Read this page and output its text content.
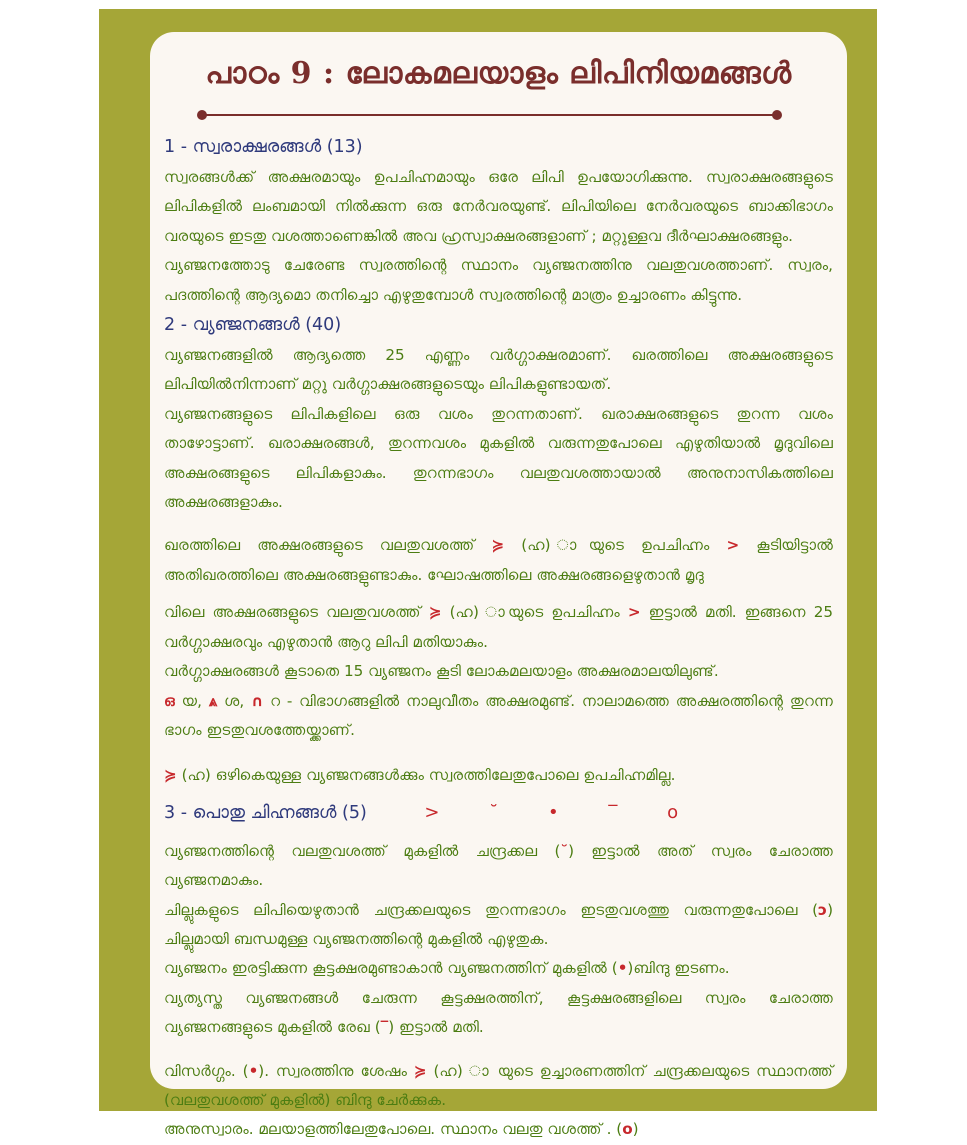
പാഠം 9 : ലോകമലയാളം ലിപിനിയമങ്ങൾ

1 - സ്വരാക്ഷരങ്ങൾ (13)

സ്വരങ്ങൾക്ക് അക്ഷരമായും ഉപചിഹ്നമായും ഒരേ ലിപി ഉപയോഗിക്കുന്നു. സ്വരാക്ഷരങ്ങളുടെ ലിപികളിൽ ലംബമായി നിൽക്കുന്ന ഒരു നേർവരയുണ്ട്. ലിപിയിലെ നേർവരയുടെ ബാക്കിഭാഗം വരയുടെ ഇടതു വശത്താണെങ്കിൽ അവ ഹ്രസ്വാക്ഷരങ്ങളാണ് ; മറ്റുള്ളവ ദീർഘാക്ഷരങ്ങളും.

വ്യഞ്ജനത്തോടു ചേരേണ്ട സ്വരത്തിന്റെ സ്ഥാനം വ്യഞ്ജനത്തിനു വലതുവശത്താണ്. സ്വരം, പദത്തിന്റെ ആദ്യമൊ തനിച്ചൊ എഴുതുമ്പോൾ സ്വരത്തിന്റെ മാത്രം ഉച്ചാരണം കിട്ടുന്നു.

2 - വ്യഞ്ജനങ്ങൾ (40)

വ്യഞ്ജനങ്ങളിൽ ആദ്യത്തെ 25 എണ്ണം വർഗ്ഗാക്ഷരമാണ്. ഖരത്തിലെ അക്ഷരങ്ങളുടെ ലിപിയിൽനിന്നാണ് മറ്റു വർഗ്ഗാക്ഷരങ്ങളുടെയും ലിപികളുണ്ടായത്.

വ്യഞ്ജനങ്ങളുടെ ലിപികളിലെ ഒരു വശം തുറന്നതാണ്. ഖരാക്ഷരങ്ങളുടെ തുറന്ന വശം താഴോട്ടാണ്. ഖരാക്ഷരങ്ങൾ, തുറന്നവശം മുകളിൽ വരുന്നതുപോലെ എഴുതിയാൽ മൃദുവിലെ അക്ഷരങ്ങളുടെ ലിപികളാകും. തുറന്നഭാഗം വലതുവശത്തായാൽ അനുനാസികത്തിലെ അക്ഷരങ്ങളാകും.

ഖരത്തിലെ അക്ഷരങ്ങളുടെ വലതുവശത്ത് ≽ (ഹ) ായുടെ ഉപചിഹ്നം > കൂടിയിട്ടാൽ അതിഖരത്തിലെ അക്ഷരങ്ങളുണ്ടാകും. ഘോഷത്തിലെ അക്ഷരങ്ങളെഴുതാൻ മൃദു

വിലെ അക്ഷരങ്ങളുടെ വലതുവശത്ത് ≽ (ഹ) ായുടെ ഉപചിഹ്നം > ഇട്ടാൽ മതി. ഇങ്ങനെ 25 വർഗ്ഗാക്ഷരവും എഴുതാൻ ആറു ലിപി മതിയാകും.

വർഗ്ഗാക്ഷരങ്ങൾ കൂടാതെ 15 വ്യഞ്ജനം കൂടി ലോകമലയാളം അക്ഷരമാലയിലുണ്ട്.

ഒ യ, ⩓ ശ, ∩ റ - വിഭാഗങ്ങളിൽ നാലുവീതം അക്ഷരമുണ്ട്. നാലാമത്തെ അക്ഷരത്തിന്റെ തുറന്ന ഭാഗം ഇടതുവശത്തേയ്ക്കാണ്.

≽ (ഹ) ഒഴികെയുള്ള വ്യഞ്ജനങ്ങൾക്കും സ്വരത്തിലേതുപോലെ ഉപചിഹ്നമില്ല.

3 - പൊതു ചിഹ്നങ്ങൾ (5)	>	˘	•	‾	o

വ്യഞ്ജനത്തിന്റെ വലതുവശത്ത് മുകളിൽ ചന്ദ്രക്കല (˘) ഇട്ടാൽ അത് സ്വരം ചേരാത്ത വ്യഞ്ജനമാകും.

ചില്ലുകളുടെ ലിപിയെഴുതാൻ ചന്ദ്രക്കലയുടെ തുറന്നഭാഗം ഇടതുവശത്തു വരുന്നതുപോലെ (ɔ) ചില്ലുമായി ബന്ധമുള്ള വ്യഞ്ജനത്തിന്റെ മുകളിൽ എഴുതുക.

വ്യഞ്ജനം ഇരട്ടിക്കുന്ന കൂട്ടക്ഷരമുണ്ടാകാൻ വ്യഞ്ജനത്തിന് മുകളിൽ (•)ബിന്ദു ഇടണം.

വ്യത്യസ്ത വ്യഞ്ജനങ്ങൾ ചേരുന്ന കൂട്ടക്ഷരത്തിന്, കൂട്ടക്ഷരങ്ങളിലെ സ്വരം ചേരാത്ത വ്യഞ്ജനങ്ങളുടെ മുകളിൽ രേഖ (‾) ഇട്ടാൽ മതി.

വിസർഗ്ഗം. (•). സ്വരത്തിനു ശേഷം ≽ (ഹ) ാ യുടെ ഉച്ചാരണത്തിന് ചന്ദ്രക്കലയുടെ സ്ഥാനത്ത് (വലതുവശത്ത് മുകളിൽ) ബിന്ദു ചേർക്കുക.

അനുസ്വാരം. മലയാളത്തിലേതുപോലെ. സ്ഥാനം വലതു വശത്ത് . (o)
